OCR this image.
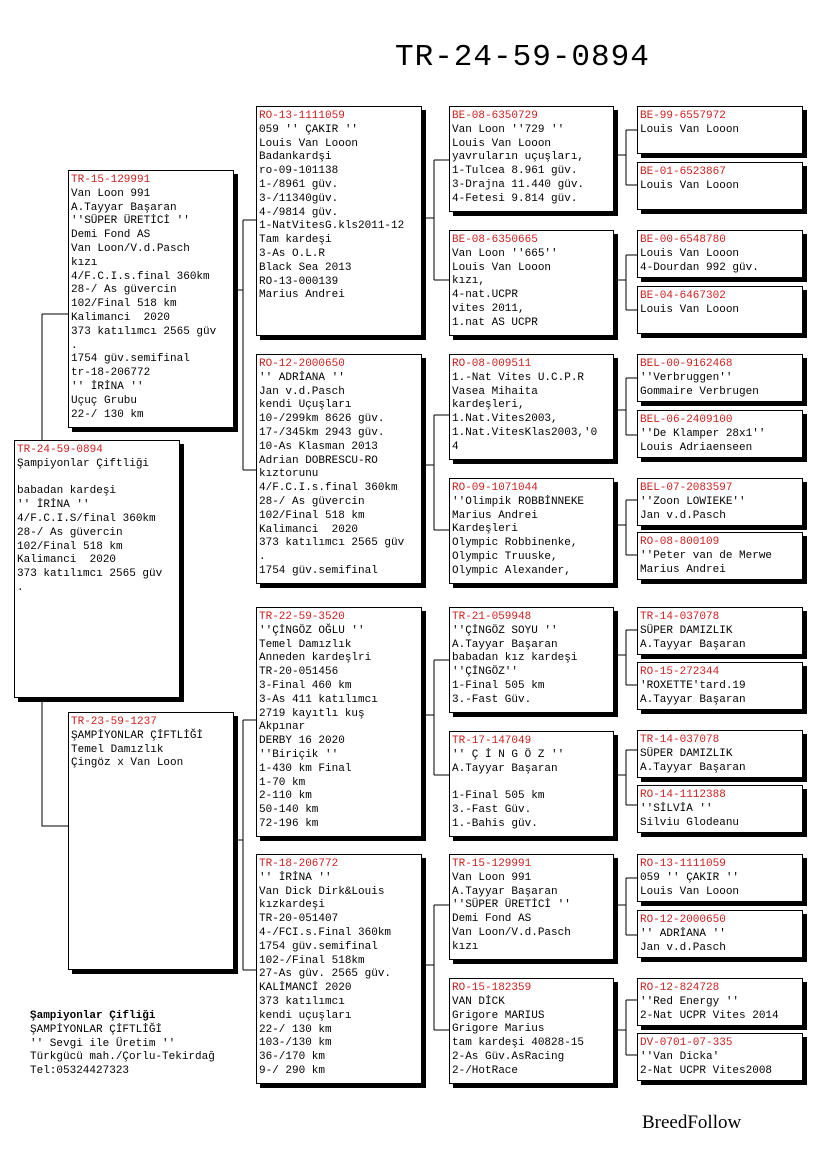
TR-24-59-0894
TR-24-59-0894
Şampiyonlar Çiftliği

babadan kardeşi
'' İRİNA ''
4/F.C.I.S/final 360km
28-/ As güvercin
102/Final 518 km
Kalimanci  2020
373 katılımcı 2565 güv
.
TR-15-129991
Van Loon 991
A.Tayyar Başaran
''SÜPER ÜRETİCİ ''
Demi Fond AS
Van Loon/V.d.Pasch
kızı
4/F.C.I.s.final 360km
28-/ As güvercin
102/Final 518 km
Kalimanci  2020
373 katılımcı 2565 güv
.
1754 güv.semifinal
tr-18-206772
'' İRİNA ''
Uçuç Grubu
22-/ 130 km
TR-23-59-1237
ŞAMPİYONLAR ÇİFTLİĞİ
Temel Damızlık
Çingöz x Van Loon
RO-13-1111059
059 '' ÇAKIR ''
Louis Van Looon
Badankardşi
ro-09-101138
1-/8961 güv.
3-/11340güv.
4-/9814 güv.
1-NatVitesG.kls2011-12
Tam kardeşi
3-As O.L.R
Black Sea 2013
RO-13-000139
Marius Andrei
RO-12-2000650
'' ADRİANA ''
Jan v.d.Pasch
kendi Uçuşları
10-/299km 8626 güv.
17-/345km 2943 güv.
10-As Klasman 2013
Adrian DOBRESCU-RO
kıztorunu
4/F.C.I.s.final 360km
28-/ As güvercin
102/Final 518 km
Kalimanci  2020
373 katılımcı 2565 güv
.
1754 güv.semifinal
TR-22-59-3520
''ÇİNGÖZ OĞLU ''
Temel Damızlık
Anneden kardeşlri
TR-20-051456
3-Final 460 km
3-As 411 katılımcı
2719 kayıtlı kuş
Akpınar
DERBY 16 2020
''Biriçik ''
1-430 km Final
1-70 km
2-110 km
50-140 km
72-196 km
TR-18-206772
'' İRİNA ''
Van Dick Dirk&Louis
kızkardeşi
TR-20-051407
4-/FCI.s.Final 360km
1754 güv.semifinal
102-/Final 518km
27-As güv. 2565 güv.
KALİMANCİ 2020
373 katılımcı
kendi uçuşları
22-/ 130 km
103-/130 km
36-/170 km
9-/ 290 km
BE-08-6350729
Van Loon ''729 ''
Louis Van Looon
yavruların uçuşları,
1-Tulcea 8.961 güv.
3-Drajna 11.440 güv.
4-Fetesi 9.814 güv.
BE-08-6350665
Van Loon ''665''
Louis Van Looon
kızı,
4-nat.UCPR
vites 2011,
1.nat AS UCPR
RO-08-009511
1.-Nat Vites U.C.P.R
Vasea Mihaita
kardeşleri,
1.Nat.Vites2003,
1.Nat.VitesKlas2003,'0
4
RO-09-1071044
''Olimpik ROBBİNNEKE
Marius Andrei
Kardeşleri
Olympic Robbinenke,
Olympic Truuske,
Olympic Alexander,
TR-21-059948
''ÇİNGÖZ SOYU ''
A.Tayyar Başaran
babadan kız kardeşi
''ÇİNGÖZ''
1-Final 505 km
3.-Fast Güv.
TR-17-147049
'' Ç İ N G Ö Z ''
A.Tayyar Başaran

1-Final 505 km
3.-Fast Güv.
1.-Bahis güv.
TR-15-129991
Van Loon 991
A.Tayyar Başaran
''SÜPER ÜRETİCİ ''
Demi Fond AS
Van Loon/V.d.Pasch
kızı
RO-15-182359
VAN DİCK
Grigore MARIUS
Grigore Marius
tam kardeşi 40828-15
2-As Güv.AsRacing
2-/HotRace
BE-99-6557972
Louis Van Looon
BE-01-6523867
Louis Van Looon
BE-00-6548780
Louis Van Looon
4-Dourdan 992 güv.
BE-04-6467302
Louis Van Looon
BEL-00-9162468
''Verbruggen''
Gommaire Verbrugen
BEL-06-2409100
''De Klamper 28x1''
Louis Adriaenseen
BEL-07-2083597
''Zoon LOWIEKE''
Jan v.d.Pasch
RO-08-800109
''Peter van de Merwe
Marius Andrei
TR-14-037078
SÜPER DAMIZLIK
A.Tayyar Başaran
RO-15-272344
'ROXETTE'tard.19
A.Tayyar Başaran
TR-14-037078
SÜPER DAMIZLIK
A.Tayyar Başaran
RO-14-1112388
''SİLVİA ''
Silviu Glodeanu
RO-13-1111059
059 '' ÇAKIR ''
Louis Van Looon
RO-12-2000650
'' ADRİANA ''
Jan v.d.Pasch
RO-12-824728
''Red Energy ''
2-Nat UCPR Vites 2014
DV-0701-07-335
''Van Dicka'
2-Nat UCPR Vites2008
Şampiyonlar Çifliği
ŞAMPİYONLAR ÇİFTLİĞİ
'' Sevgi ile Üretim ''
Türkgücü mah./Çorlu-Tekirdağ
Tel:05324427323
BreedFollow
